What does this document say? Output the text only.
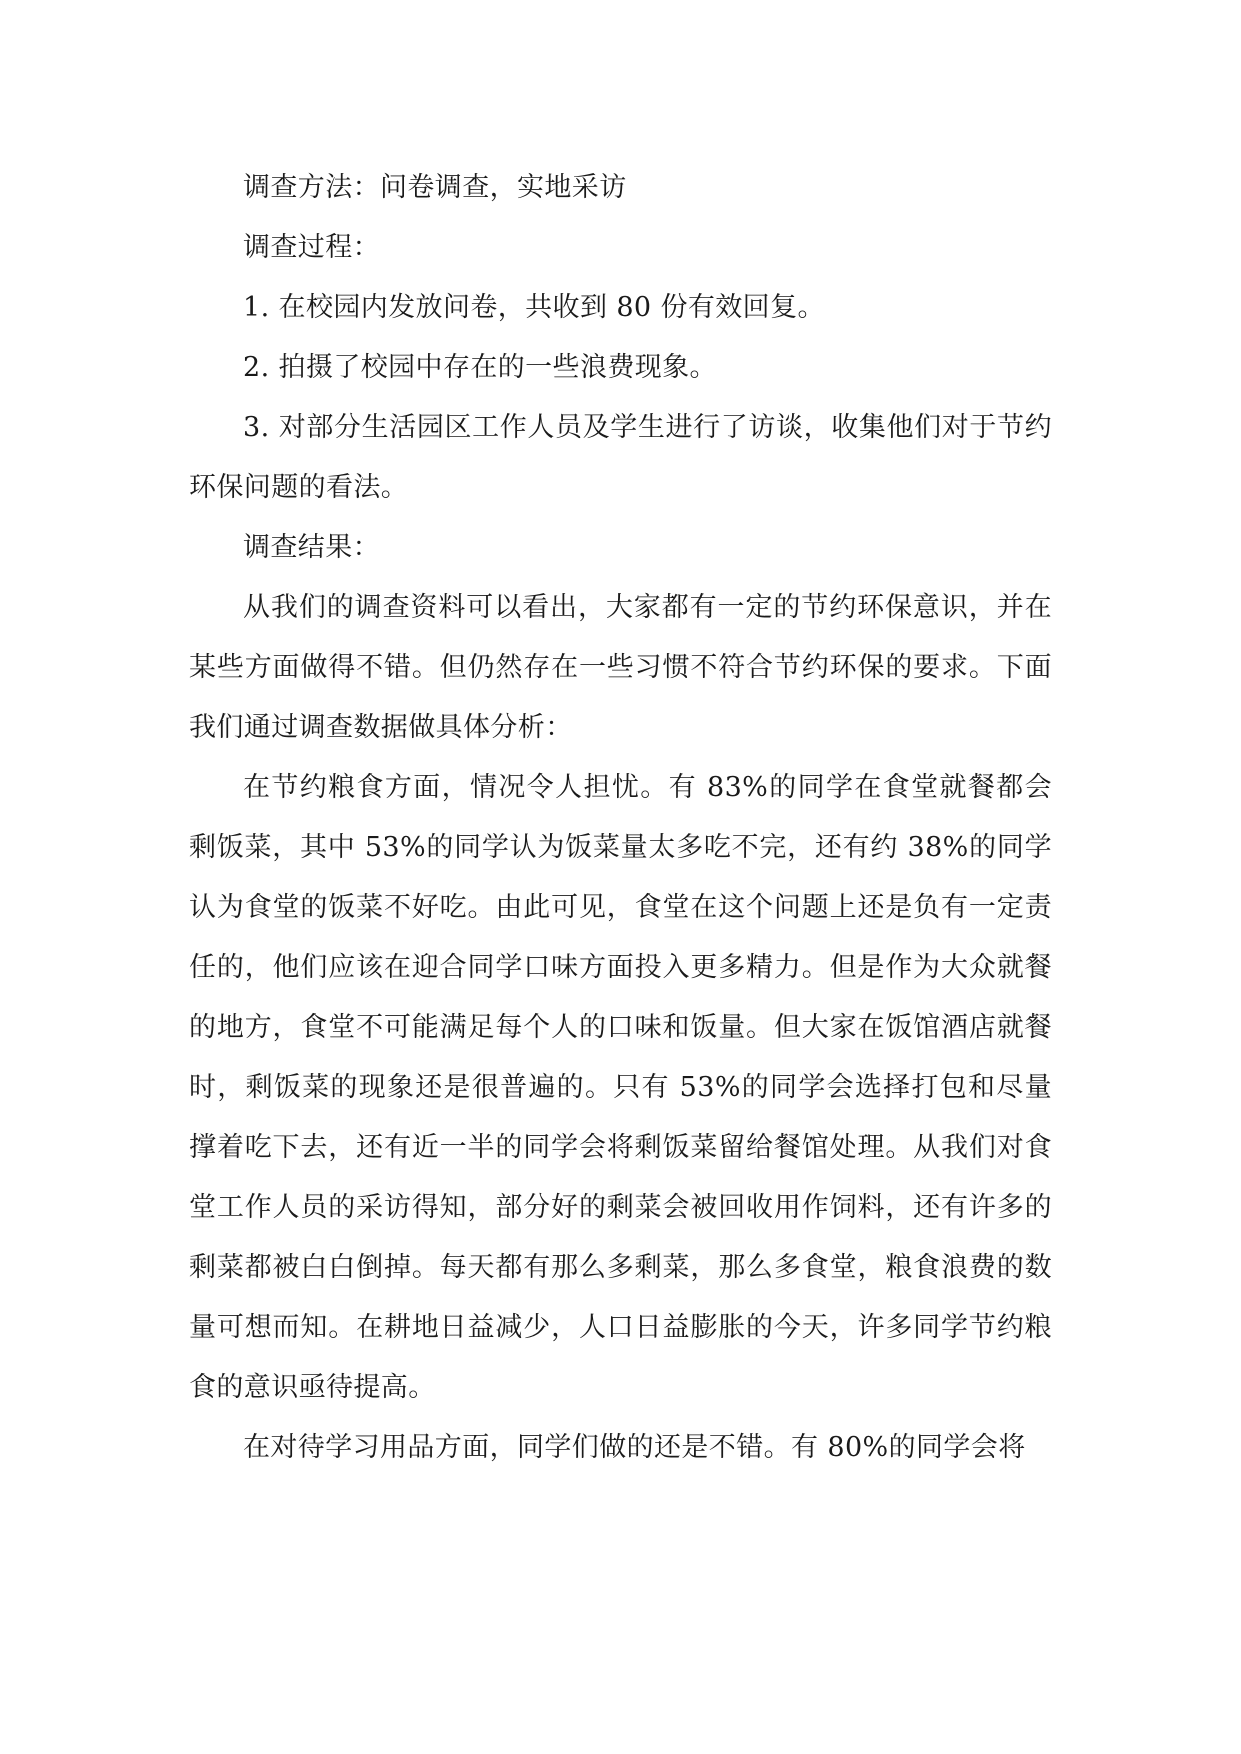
调查方法：问卷调查，实地采访

调查过程：

1. 在校园内发放问卷，共收到 80 份有效回复。

2. 拍摄了校园中存在的一些浪费现象。

3. 对部分生活园区工作人员及学生进行了访谈，收集他们对于节约环保问题的看法。

调查结果：

从我们的调查资料可以看出，大家都有一定的节约环保意识，并在某些方面做得不错。但仍然存在一些习惯不符合节约环保的要求。下面我们通过调查数据做具体分析：

在节约粮食方面，情况令人担忧。有 83%的同学在食堂就餐都会剩饭菜，其中 53%的同学认为饭菜量太多吃不完，还有约 38%的同学认为食堂的饭菜不好吃。由此可见，食堂在这个问题上还是负有一定责任的，他们应该在迎合同学口味方面投入更多精力。但是作为大众就餐的地方，食堂不可能满足每个人的口味和饭量。但大家在饭馆酒店就餐时，剩饭菜的现象还是很普遍的。只有 53%的同学会选择打包和尽量撑着吃下去，还有近一半的同学会将剩饭菜留给餐馆处理。从我们对食堂工作人员的采访得知，部分好的剩菜会被回收用作饲料，还有许多的剩菜都被白白倒掉。每天都有那么多剩菜，那么多食堂，粮食浪费的数量可想而知。在耕地日益减少，人口日益膨胀的今天，许多同学节约粮食的意识亟待提高。

在对待学习用品方面，同学们做的还是不错。有 80%的同学会将
